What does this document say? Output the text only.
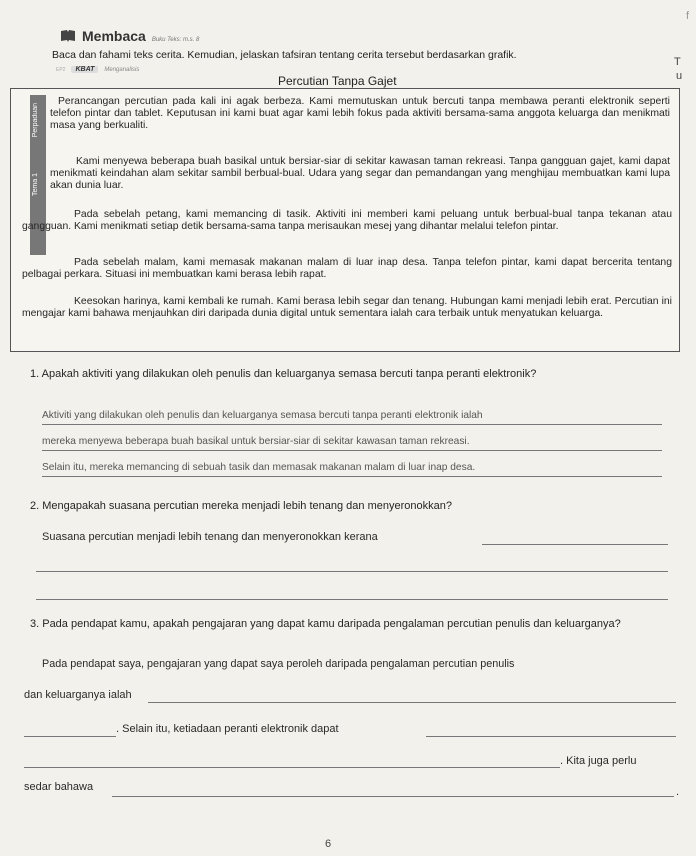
Membaca Buku Teks: m.s. 8
T
u
f
Baca dan fahami teks cerita. Kemudian, jelaskan tafsiran tentang cerita tersebut berdasarkan grafik.
EP2	KBAT	Menganalisis
Percutian Tanpa Gajet
Perpaduan
Tema 1
Perancangan percutian pada kali ini agak berbeza. Kami memutuskan untuk bercuti tanpa membawa peranti elektronik seperti telefon pintar dan tablet. Keputusan ini kami buat agar kami lebih fokus pada aktiviti bersama-sama anggota keluarga dan menikmati masa yang berkualiti.
Kami menyewa beberapa buah basikal untuk bersiar-siar di sekitar kawasan taman rekreasi. Tanpa gangguan gajet, kami dapat menikmati keindahan alam sekitar sambil berbual-bual. Udara yang segar dan pemandangan yang menghijau membuatkan kami lupa akan dunia luar.
Pada sebelah petang, kami memancing di tasik. Aktiviti ini memberi kami peluang untuk berbual-bual tanpa tekanan atau gangguan. Kami menikmati setiap detik bersama-sama tanpa merisaukan mesej yang dihantar melalui telefon pintar.
Pada sebelah malam, kami memasak makanan malam di luar inap desa. Tanpa telefon pintar, kami dapat bercerita tentang pelbagai perkara. Situasi ini membuatkan kami berasa lebih rapat.
Keesokan harinya, kami kembali ke rumah. Kami berasa lebih segar dan tenang. Hubungan kami menjadi lebih erat. Percutian ini mengajar kami bahawa menjauhkan diri daripada dunia digital untuk sementara ialah cara terbaik untuk menyatukan keluarga.
1. Apakah aktiviti yang dilakukan oleh penulis dan keluarganya semasa bercuti tanpa peranti elektronik?
Aktiviti yang dilakukan oleh penulis dan keluarganya semasa bercuti tanpa peranti elektronik ialah
mereka menyewa beberapa buah basikal untuk bersiar-siar di sekitar kawasan taman rekreasi.
Selain itu, mereka memancing di sebuah tasik dan memasak makanan malam di luar inap desa.
2. Mengapakah suasana percutian mereka menjadi lebih tenang dan menyeronokkan?
Suasana percutian menjadi lebih tenang dan menyeronokkan kerana
3. Pada pendapat kamu, apakah pengajaran yang dapat kamu daripada pengalaman percutian penulis dan keluarganya?
Pada pendapat saya, pengajaran yang dapat saya peroleh daripada pengalaman percutian penulis
dan keluarganya ialah
. Selain itu, ketiadaan peranti elektronik dapat
. Kita juga perlu
sedar bahawa	.
6
